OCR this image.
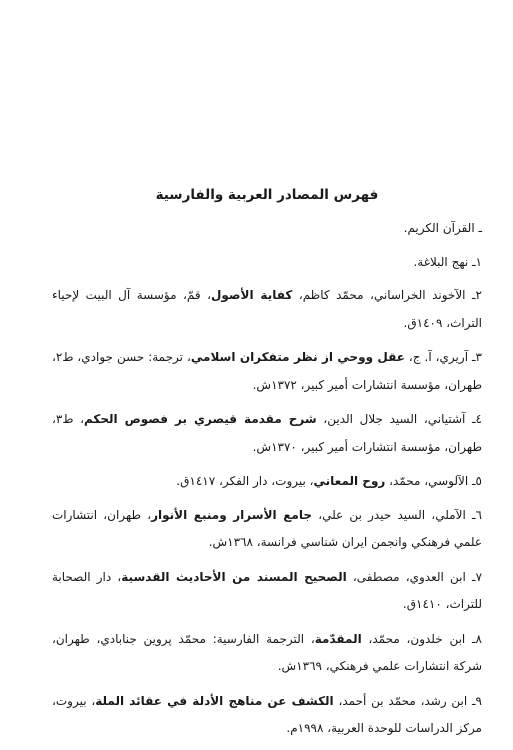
فهرس المصادر العربية والفارسية
ـ القرآن الكريم.
١ـ نهج البلاغة.
٢ـ الآخوند الخراساني، محمّد كاظم، كفاية الأصول، قمّ، مؤسسة آل البيت لإحياء التراث، ١٤٠٩ق.
٣ـ آريري، آ. ج، عقل ووحي از نظر متفكران اسلامي، ترجمة: حسن جوادي، ط٢، طهران، مؤسسة انتشارات أمير كبير، ١٣٧٢ش.
٤ـ آشتياني، السيد جلال الدين، شرح مقدمة قيصري بر فصوص الحكم، ط٣، طهران، مؤسسة انتشارات أمير كبير، ١٣٧٠ش.
٥ـ الآلوسي، محمّد، روح المعاني، بيروت، دار الفكر، ١٤١٧ق.
٦ـ الآملي، السيد حيدر بن علي، جامع الأسرار ومنبع الأنوار، طهران، انتشارات علمي فرهنكي وانجمن ايران شناسي فرانسة، ١٣٦٨ش.
٧ـ ابن العدوي، مصطفى، الصحيح المسند من الأحاديث القدسية، دار الصحابة للتراث، ١٤١٠ق.
٨ـ ابن خلدون، محمّد، المقدّمة، الترجمة الفارسية: محمّد پروين جنابادي، طهران، شركة انتشارات علمي فرهنكي، ١٣٦٩ش.
٩ـ ابن رشد، محمّد بن أحمد، الكشف عن مناهج الأدلة في عقائد الملة، بيروت، مركز الدراسات للوحدة العربية، ١٩٩٨م.
